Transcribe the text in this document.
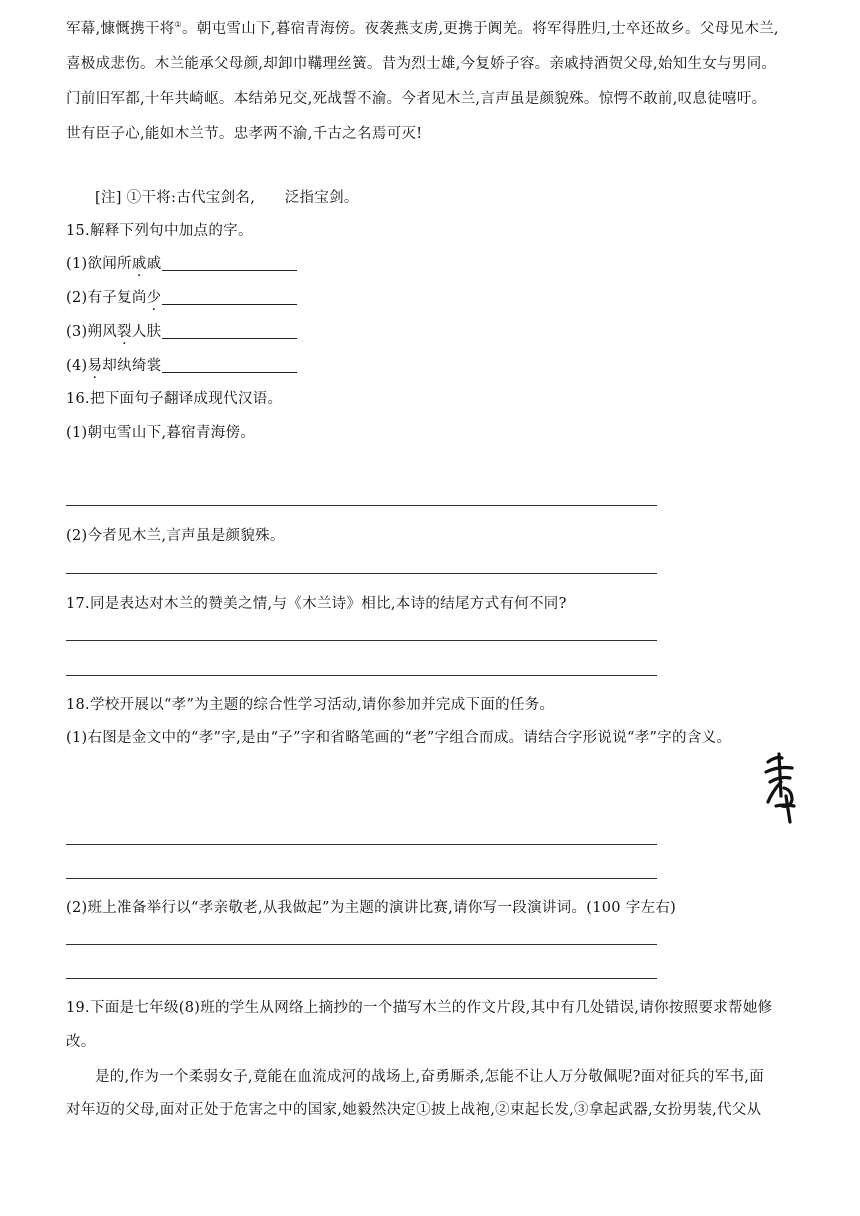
军幕,慷慨携干将①。朝屯雪山下,暮宿青海傍。夜袭燕支虏,更携于阗羌。将军得胜归,士卒还故乡。父母见木兰,
喜极成悲伤。木兰能承父母颜,却卸巾鞲理丝簧。昔为烈士雄,今复娇子容。亲戚持酒贺父母,始知生女与男同。
门前旧军都,十年共崎岖。本结弟兄交,死战誓不渝。今者见木兰,言声虽是颜貌殊。惊愕不敢前,叹息徒嘻吁。
世有臣子心,能如木兰节。忠孝两不渝,千古之名焉可灭!
[注] ①干将:古代宝剑名,　　泛指宝剑。
15.解释下列句中加点的字。
(1)欲闻所戚戚
(2)有子复尚少
(3)朔风裂人肤
(4)易却纨绮裳
16.把下面句子翻译成现代汉语。
(1)朝屯雪山下,暮宿青海傍。
(2)今者见木兰,言声虽是颜貌殊。
17.同是表达对木兰的赞美之情,与《木兰诗》相比,本诗的结尾方式有何不同?
18.学校开展以“孝”为主题的综合性学习活动,请你参加并完成下面的任务。
(1)右图是金文中的“孝”字,是由“子”字和省略笔画的“老”字组合而成。请结合字形说说“孝”字的含义。
(2)班上准备举行以“孝亲敬老,从我做起”为主题的演讲比赛,请你写一段演讲词。(100 字左右)
19.下面是七年级(8)班的学生从网络上摘抄的一个描写木兰的作文片段,其中有几处错误,请你按照要求帮她修
改。
是的,作为一个柔弱女子,竟能在血流成河的战场上,奋勇厮杀,怎能不让人万分敬佩呢?面对征兵的军书,面
对年迈的父母,面对正处于危害之中的国家,她毅然决定①披上战袍,②束起长发,③拿起武器,女扮男装,代父从
